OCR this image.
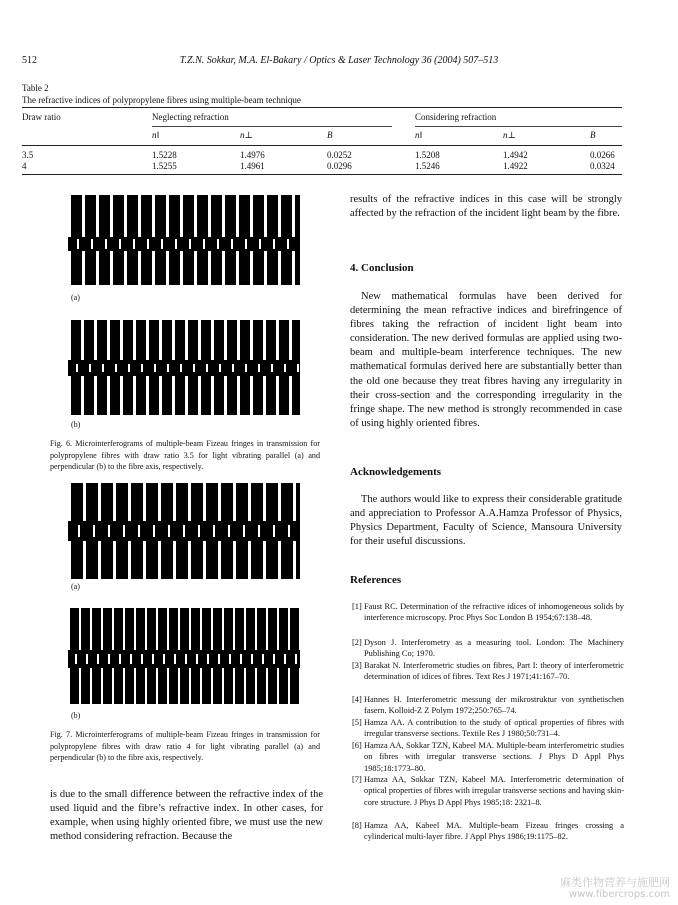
512	T.Z.N. Sokkar, M.A. El-Bakary / Optics & Laser Technology 36 (2004) 507–513
Table 2
The refractive indices of polypropylene fibres using multiple-beam technique
Draw ratio	Neglecting refraction	Considering refraction
n‖	n⊥	B	n‖	n⊥	B
3.5	1.5228	1.4976	0.0252	1.5208	1.4942	0.0266
4	1.5255	1.4961	0.0296	1.5246	1.4922	0.0324
(a)
(b)
Fig. 6. Microinterferograms of multiple-beam Fizeau fringes in transmission for polypropylene fibres with draw ratio 3.5 for light vibrating parallel (a) and perpendicular (b) to the fibre axis, respectively.
(a)
(b)
Fig. 7. Microinterferograms of multiple-beam Fizeau fringes in transmission for polypropylene fibres with draw ratio 4 for light vibrating parallel (a) and perpendicular (b) to the fibre axis, respectively.
is due to the small difference between the refractive index of the used liquid and the fibre’s refractive index. In other cases, for example, when using highly oriented fibre, we must use the new method considering refraction. Because the
results of the refractive indices in this case will be strongly affected by the refraction of the incident light beam by the fibre.
4. Conclusion
New mathematical formulas have been derived for determining the mean refractive indices and birefringence of fibres taking the refraction of incident light beam into consideration. The new derived formulas are applied using two-beam and multiple-beam interference techniques. The new mathematical formulas derived here are substantially better than the old one because they treat fibres having any irregularity in their cross-section and the corresponding irregularity in the fringe shape. The new method is strongly recommended in case of using highly oriented fibres.
Acknowledgements
The authors would like to express their considerable gratitude and appreciation to Professor A.A.Hamza Professor of Physics, Physics Department, Faculty of Science, Mansoura University for their useful discussions.
References
[1] Faust RC. Determination of the refractive idices of inhomogeneous solids by interference microscopy. Proc Phys Soc London B 1954;67:138–48.
[2] Dyson J. Interferometry as a measuring tool. London: The Machinery Publishing Co; 1970.
[3] Barakat N. Interferometric studies on fibres, Part I: theory of interferometric determination of idices of fibres. Text Res J 1971;41:167–70.
[4] Hannes H. Interferometric messung der mikrostruktur von synthetischen fasern. Kolloid-Z Z Polym 1972;250:765–74.
[5] Hamza AA. A contribution to the study of optical properties of fibres with irregular transverse sections. Textile Res J 1980;50:731–4.
[6] Hamza AA, Sokkar TZN, Kabeel MA. Multiple-beam interferometric studies on fibres with irregular transverse sections. J Phys D Appl Phys 1985;18:1773–80.
[7] Hamza AA, Sokkar TZN, Kabeel MA. Interferometric determination of optical properties of fibres with irregular transverse sections and having skin-core structure. J Phys D Appl Phys 1985;18: 2321–8.
[8] Hamza AA, Kabeel MA. Multiple-beam Fizeau fringes crossing a cylinderical multi-layer fibre. J Appl Phys 1986;19:1175–82.
麻类作物营养与施肥网
www.fibercrops.com
